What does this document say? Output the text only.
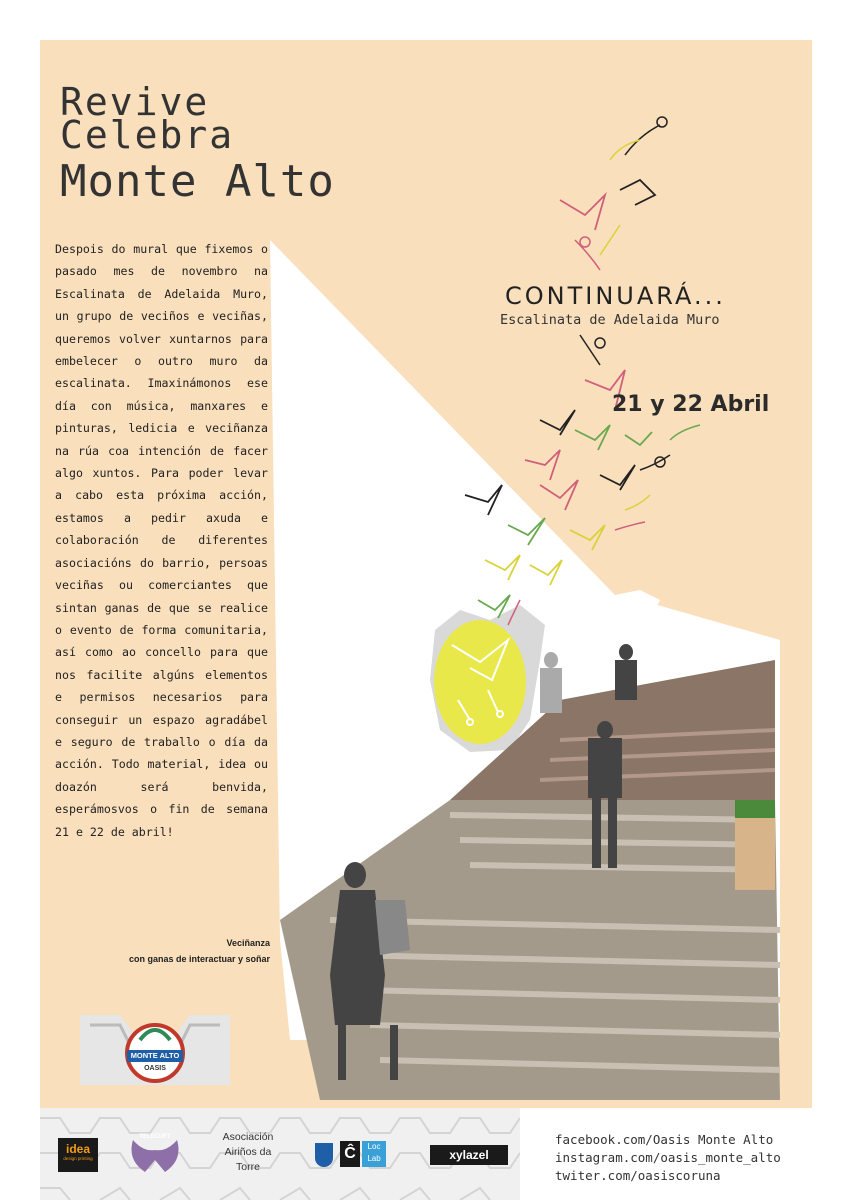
Revive
Celebra
Monte Alto

Despois do mural que fixemos o pasado mes de novembro na Escalinata de Adelaida Muro, un grupo de veciños e veciñas, queremos volver xuntarnos para embelecer o outro muro da escalinata. Imaxinámonos ese día con música, manxares e pinturas, ledicia e veciñanza na rúa coa intención de facer algo xuntos. Para poder levar a cabo esta próxima acción, estamos a pedir axuda e colaboración de diferentes asociacións do barrio, persoas veciñas ou comerciantes que sintan ganas de que se realice o evento de forma comunitaria, así como ao concello para que nos facilite algúns elementos e permisos necesarios para conseguir un espazo agradábel e seguro de traballo o día da acción. Todo material, idea ou doazón será benvida, esperámosvos o fin de semana 21 e 22 de abril!

Veciñanza
con ganas de interactuar y soñar
CONTINUARÁ...
Escalinata de Adelaida Muro
21 y 22 Abril
MONTE ALTO
OASIS
idea
design printing
TELECUFT	Asociación Airiños da Torre
Ĉ	Loc Lab	xylazel
facebook.com/Oasis Monte Alto
instagram.com/oasis_monte_alto
twiter.com/oasiscoruna
